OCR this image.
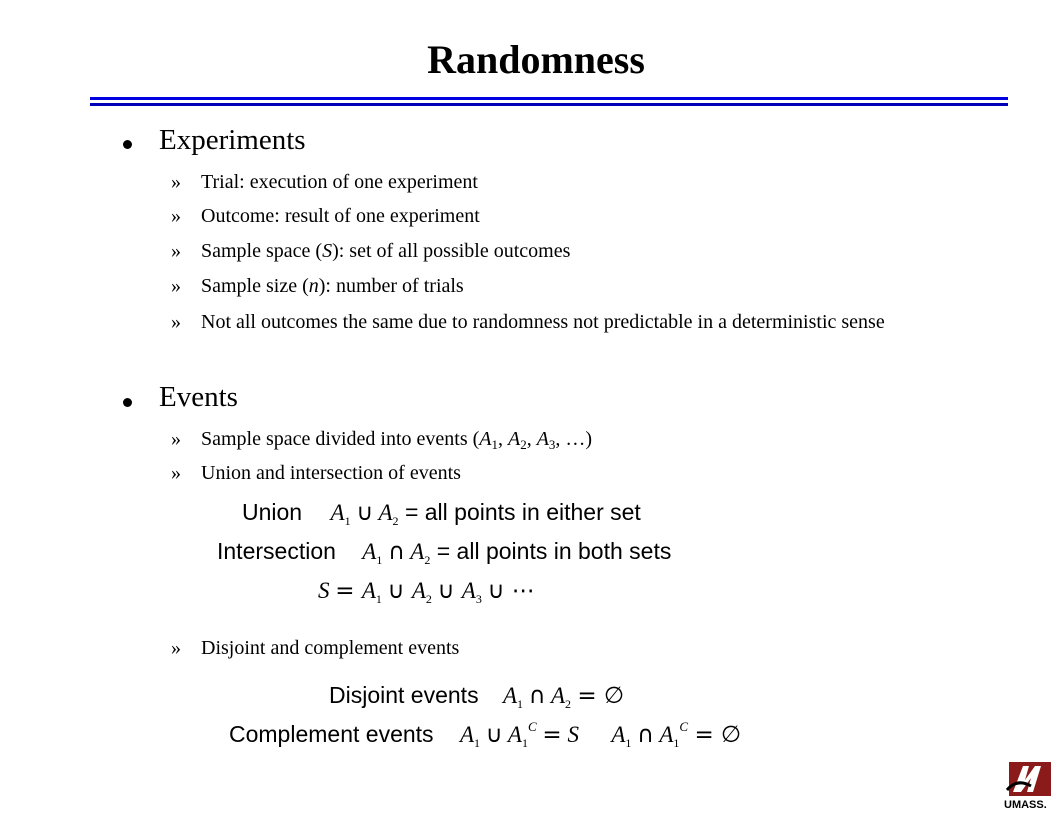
Randomness
Experiments
» Trial: execution of one experiment
» Outcome: result of one experiment
» Sample space (S): set of all possible outcomes
» Sample size (n): number of trials
» Not all outcomes the same due to randomness not predictable in a deterministic sense
Events
» Sample space divided into events ($A_1$, $A_2$, $A_3$, …)
» Union and intersection of events
Union $A_1$ ∪ $A_2$ = all points in either set
Intersection $A_1$ ∩ $A_2$ = all points in both sets
$S = A_1$ ∪ $A_2$ ∪ $A_3$ ∪ ⋯
» Disjoint and complement events
Disjoint events $A_1$ ∩ $A_2$ = ∅
Complement events $A_1$ ∪ $A_1^C = S$ $A_1$ ∩ $A_1^C$ = ∅
UMASS.
